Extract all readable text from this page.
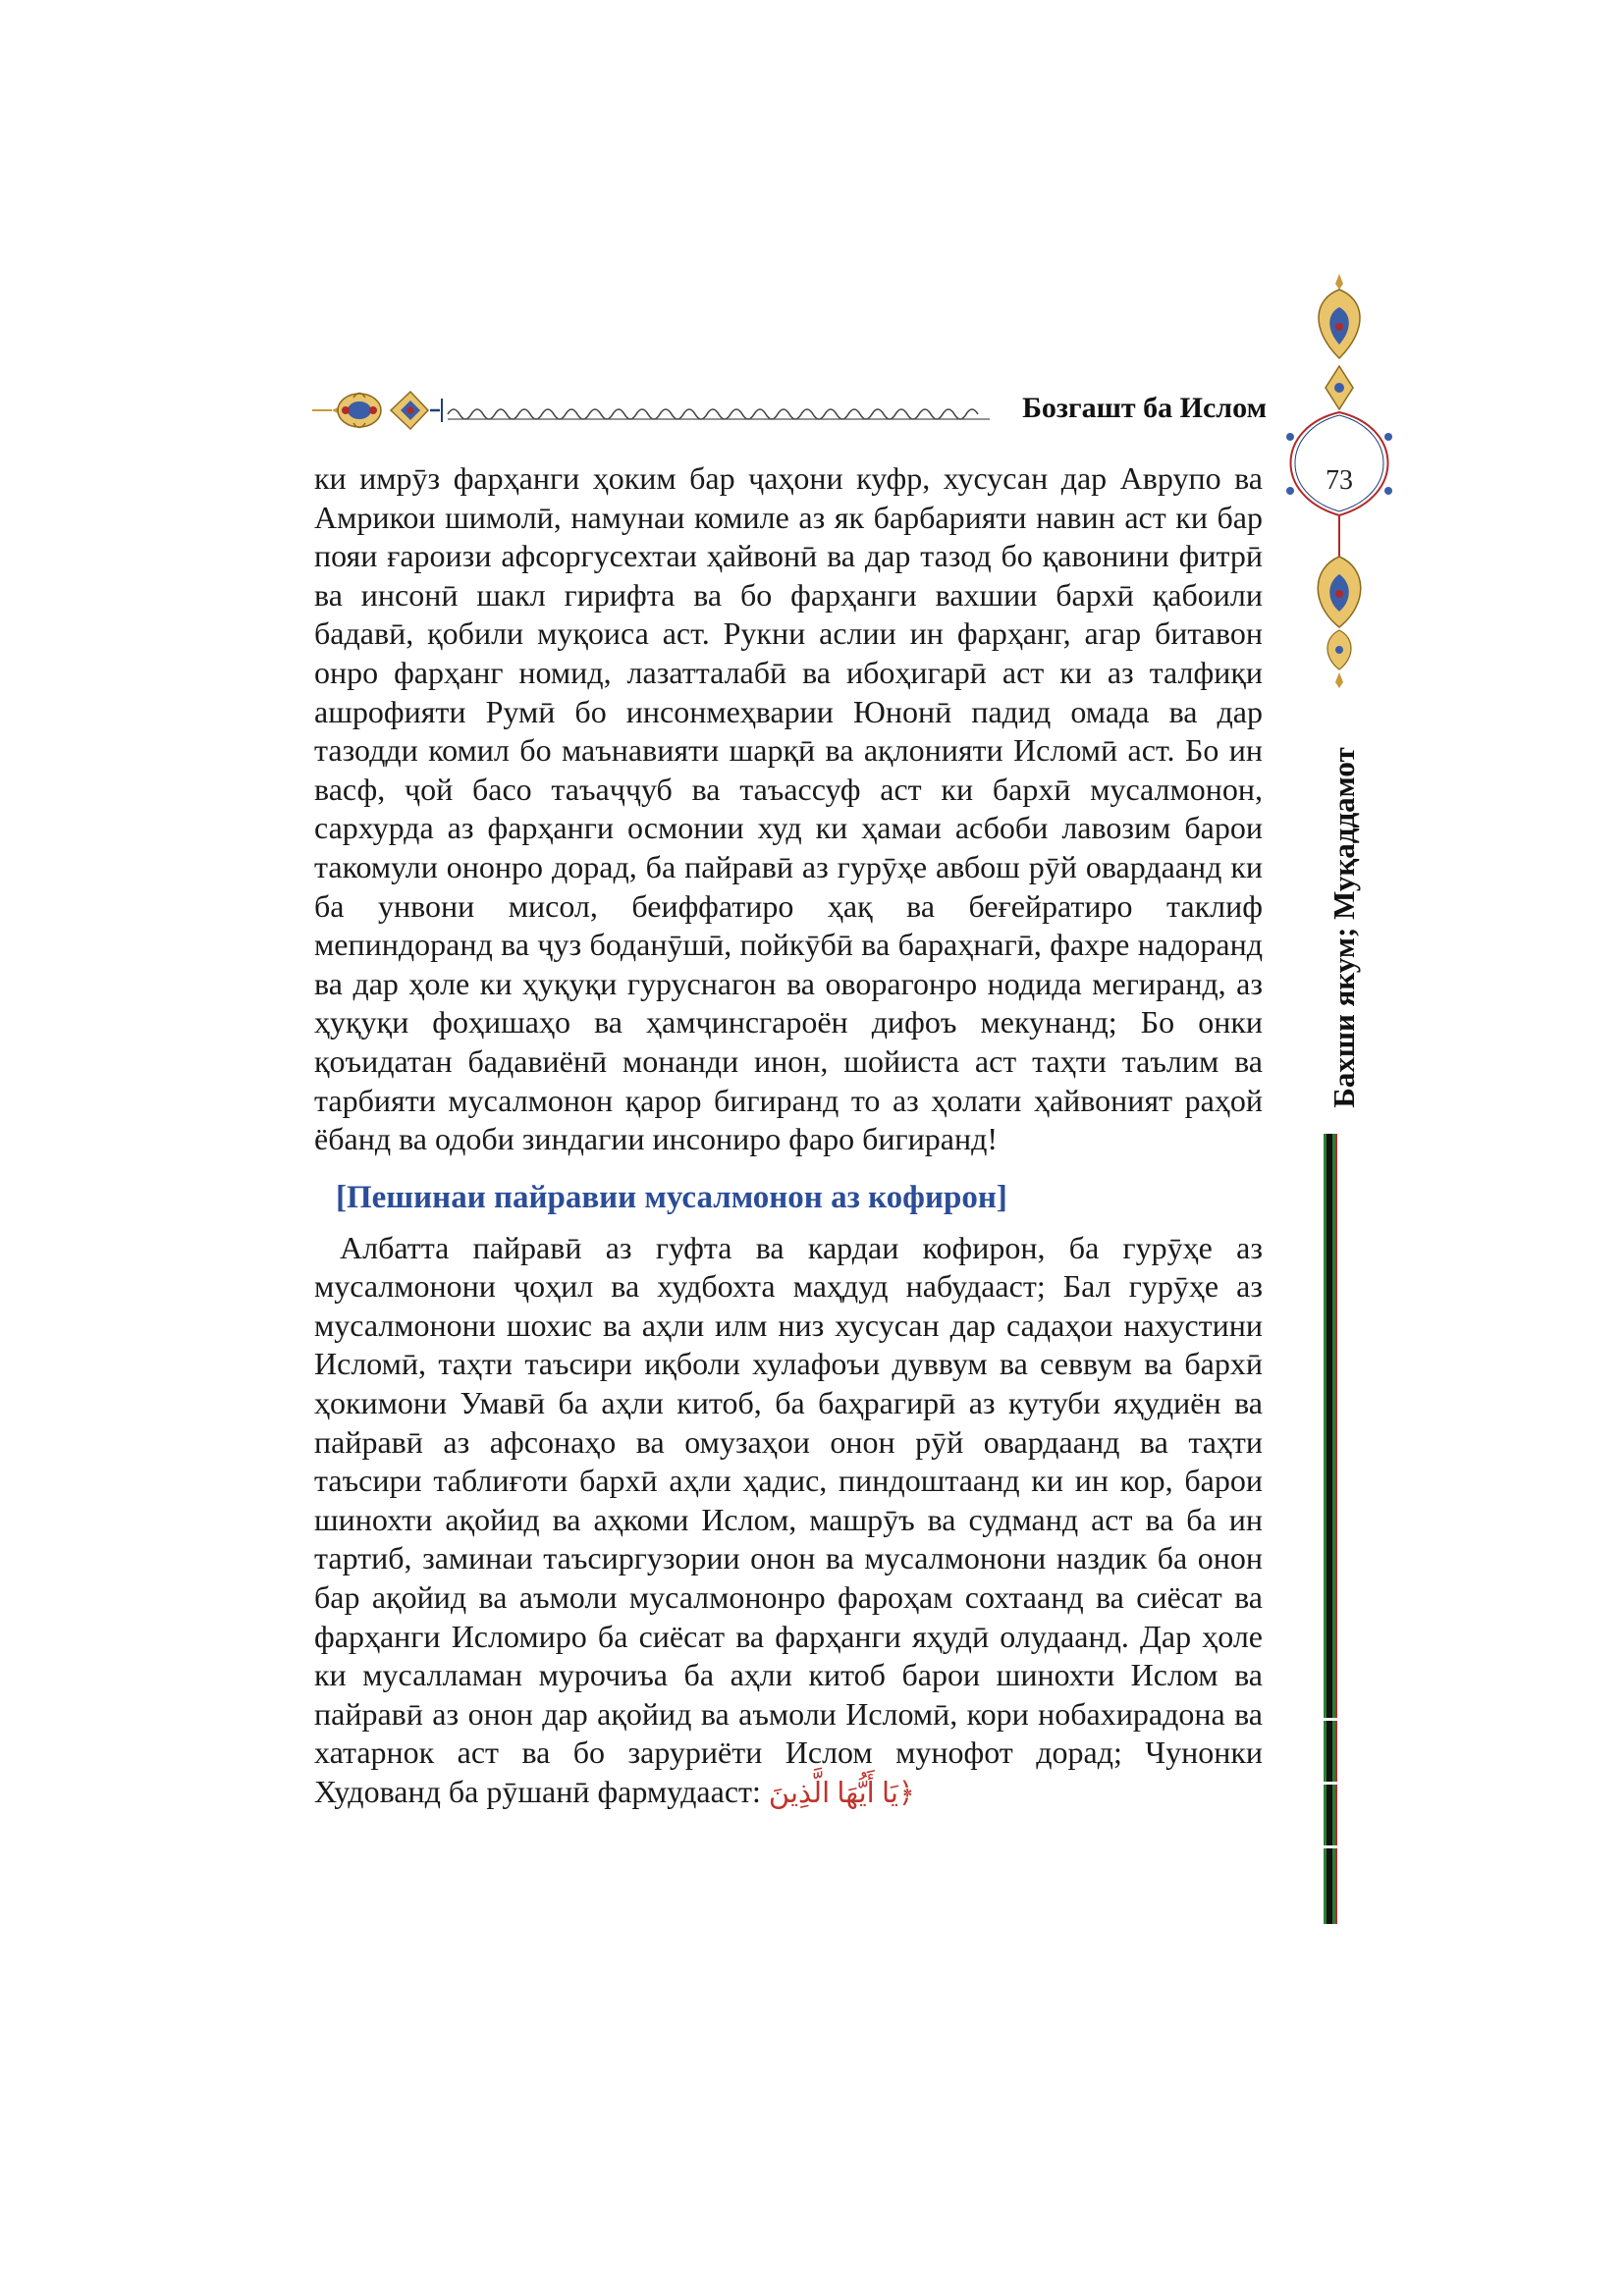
Бозгашт ба Ислом
73
Бахши якум; Муқаддамот

ки имрӯз фарҳанги ҳоким бар ҷаҳони куфр, хусусан дар Аврупо ва Амрикои шимолӣ, намунаи комиле аз як барбарияти навин аст ки бар пояи ғароизи афсоргусехтаи ҳайвонӣ ва дар тазод бо қавонини фитрӣ ва инсонӣ шакл гирифта ва бо фарҳанги вахшии бархӣ қабоили бадавӣ, қобили муқоиса аст. Рукни аслии ин фарҳанг, агар битавон онро фарҳанг номид, лазатталабӣ ва ибоҳигарӣ аст ки аз талфиқи ашрофияти Румӣ бо инсонмеҳварии Юнонӣ падид омада ва дар тазодди комил бо маънавияти шарқӣ ва ақлонияти Исломӣ аст. Бо ин васф, ҷой басо таъаҷҷуб ва таъассуф аст ки бархӣ мусалмонон, сархурда аз фарҳанги осмонии худ ки ҳамаи асбоби лавозим барои такомули ононро дорад, ба пайравӣ аз гурӯҳе авбош рӯй овардаанд ки ба унвони мисол, беиффатиро ҳақ ва беғейратиро таклиф мепиндоранд ва ҷуз боданӯшӣ, пойкӯбӣ ва бараҳнагӣ, фахре надоранд ва дар ҳоле ки ҳуқуқи гуруснагон ва оворагонро нодида мегиранд, аз ҳуқуқи фоҳишаҳо ва ҳамҷинсгароён дифоъ мекунанд; Бо онки қоъидатан бадавиёнӣ монанди инон, шойиста аст таҳти таълим ва тарбияти мусалмонон қарор бигиранд то аз ҳолати ҳайвоният раҳой ёбанд ва одоби зиндагии инсониро фаро бигиранд!

[Пешинаи пайравии мусалмонон аз кофирон]

Албатта пайравӣ аз гуфта ва кардаи кофирон, ба гурӯҳе аз мусалмонони ҷоҳил ва худбохта маҳдуд набудааст; Бал гурӯҳе аз мусалмонони шохис ва аҳли илм низ хусусан дар садаҳои нахустини Исломӣ, таҳти таъсири иқболи хулафоъи дуввум ва севвум ва бархӣ ҳокимони Умавӣ ба аҳли китоб, ба баҳрагирӣ аз кутуби яҳудиён ва пайравӣ аз афсонаҳо ва омузаҳои онон рӯй овардаанд ва таҳти таъсири таблиғоти бархӣ аҳли ҳадис, пиндоштаанд ки ин кор, барои шинохти ақойид ва аҳкоми Ислом, машрӯъ ва судманд аст ва ба ин тартиб, заминаи таъсиргузории онон ва мусалмонони наздик ба онон бар ақойид ва аъмоли мусалмононро фароҳам сохтаанд ва сиёсат ва фарҳанги Исломиро ба сиёсат ва фарҳанги яҳудӣ олудаанд. Дар ҳоле ки мусалламан мурочиъа ба аҳли китоб барои шинохти Ислом ва пайравӣ аз онон дар ақойид ва аъмоли Исломӣ, кори нобахирадона ва хатарнок аст ва бо заруриёти Ислом мунофот дорад; Чунонки Худованд ба рӯшанӣ фармудааст: ﴿يَا أَيُّهَا الَّذِينَ
